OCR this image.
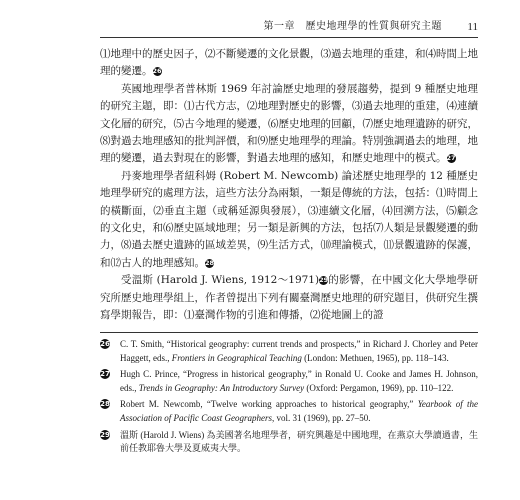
第一章　歷史地理學的性質與研究主題 11

⑴地理中的歷史因子，⑵不斷變遷的文化景觀，⑶過去地理的重建，和⑷時間上地理的變遷。26

英國地理學者普林斯 1969 年討論歷史地理的發展趨勢，提到 9 種歷史地理的研究主題，即：⑴古代方志，⑵地理對歷史的影響，⑶過去地理的重建，⑷連續文化層的研究，⑸古今地理的變遷，⑹歷史地理的回顧，⑺歷史地理遺跡的研究，⑻對過去地理感知的批判評價，和⑼歷史地理學的理論。特別強調過去的地理，地理的變遷，過去對現在的影響，對過去地理的感知，和歷史地理中的模式。27

丹麥地理學者紐科姆 (Robert M. Newcomb) 論述歷史地理學的 12 種歷史地理學研究的處理方法，這些方法分為兩類，一類是傳統的方法，包括：⑴時間上的橫斷面，⑵垂直主題（或稱延源與發展），⑶連續文化層，⑷回溯方法，⑸顧念的文化史，和⑹歷史區域地理；另一類是新興的方法，包括⑺人類是景觀變遷的動力，⑻過去歷史遺跡的區域差異，⑼生活方式，⑽理論模式，⑾景觀遺跡的保護，和⑿古人的地理感知。28

受溫斯 (Harold J. Wiens, 1912～1971)29的影響，在中國文化大學地學研究所歷史地理學組上，作者曾提出下列有關臺灣歷史地理的研究題目，供研究生撰寫學期報告，即：⑴臺灣作物的引進和傳播，⑵從地圖上的證

26	C. T. Smith, “Historical geography: current trends and prospects,” in Richard J. Chorley and Peter Haggett, eds., Frontiers in Geographical Teaching (London: Methuen, 1965), pp. 118–143.
27	Hugh C. Prince, “Progress in historical geography,” in Ronald U. Cooke and James H. Johnson, eds., Trends in Geography: An Introductory Survey (Oxford: Pergamon, 1969), pp. 110–122.
28	Robert M. Newcomb, “Twelve working approaches to historical geography,” Yearbook of the Association of Pacific Coast Geographers, vol. 31 (1969), pp. 27–50.
29	溫斯 (Harold J. Wiens) 為美國著名地理學者，研究興趣是中國地理，在燕京大學讀過書，生前任教耶魯大學及夏威夷大學。
